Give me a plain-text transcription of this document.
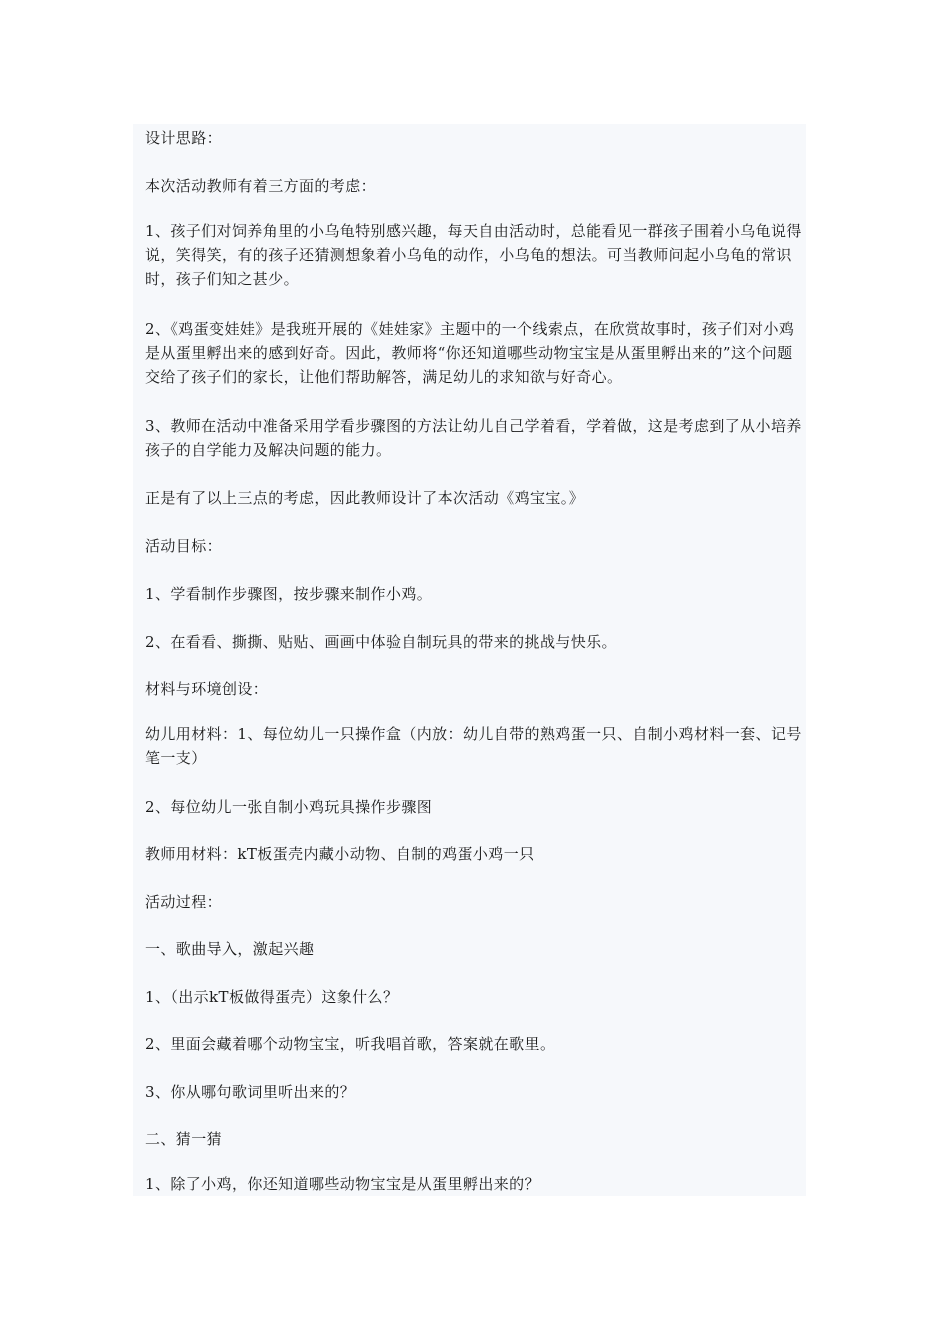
设计思路：

本次活动教师有着三方面的考虑：

1、孩子们对饲养角里的小乌龟特别感兴趣，每天自由活动时，总能看见一群孩子围着小乌龟说得说，笑得笑，有的孩子还猜测想象着小乌龟的动作，小乌龟的想法。可当教师问起小乌龟的常识时，孩子们知之甚少。

2、《鸡蛋变娃娃》是我班开展的《娃娃家》主题中的一个线索点，在欣赏故事时，孩子们对小鸡是从蛋里孵出来的感到好奇。因此，教师将“你还知道哪些动物宝宝是从蛋里孵出来的”这个问题交给了孩子们的家长，让他们帮助解答，满足幼儿的求知欲与好奇心。

3、教师在活动中准备采用学看步骤图的方法让幼儿自己学着看，学着做，这是考虑到了从小培养孩子的自学能力及解决问题的能力。

正是有了以上三点的考虑，因此教师设计了本次活动《鸡宝宝。》

活动目标：

1、学看制作步骤图，按步骤来制作小鸡。

2、在看看、撕撕、贴贴、画画中体验自制玩具的带来的挑战与快乐。

材料与环境创设：

幼儿用材料：1、每位幼儿一只操作盒（内放：幼儿自带的熟鸡蛋一只、自制小鸡材料一套、记号笔一支）

2、每位幼儿一张自制小鸡玩具操作步骤图

教师用材料：kT板蛋壳内藏小动物、自制的鸡蛋小鸡一只

活动过程：

一、歌曲导入，激起兴趣

1、（出示kT板做得蛋壳）这象什么？

2、里面会藏着哪个动物宝宝，听我唱首歌，答案就在歌里。

3、你从哪句歌词里听出来的？

二、猜一猜

1、除了小鸡，你还知道哪些动物宝宝是从蛋里孵出来的？
